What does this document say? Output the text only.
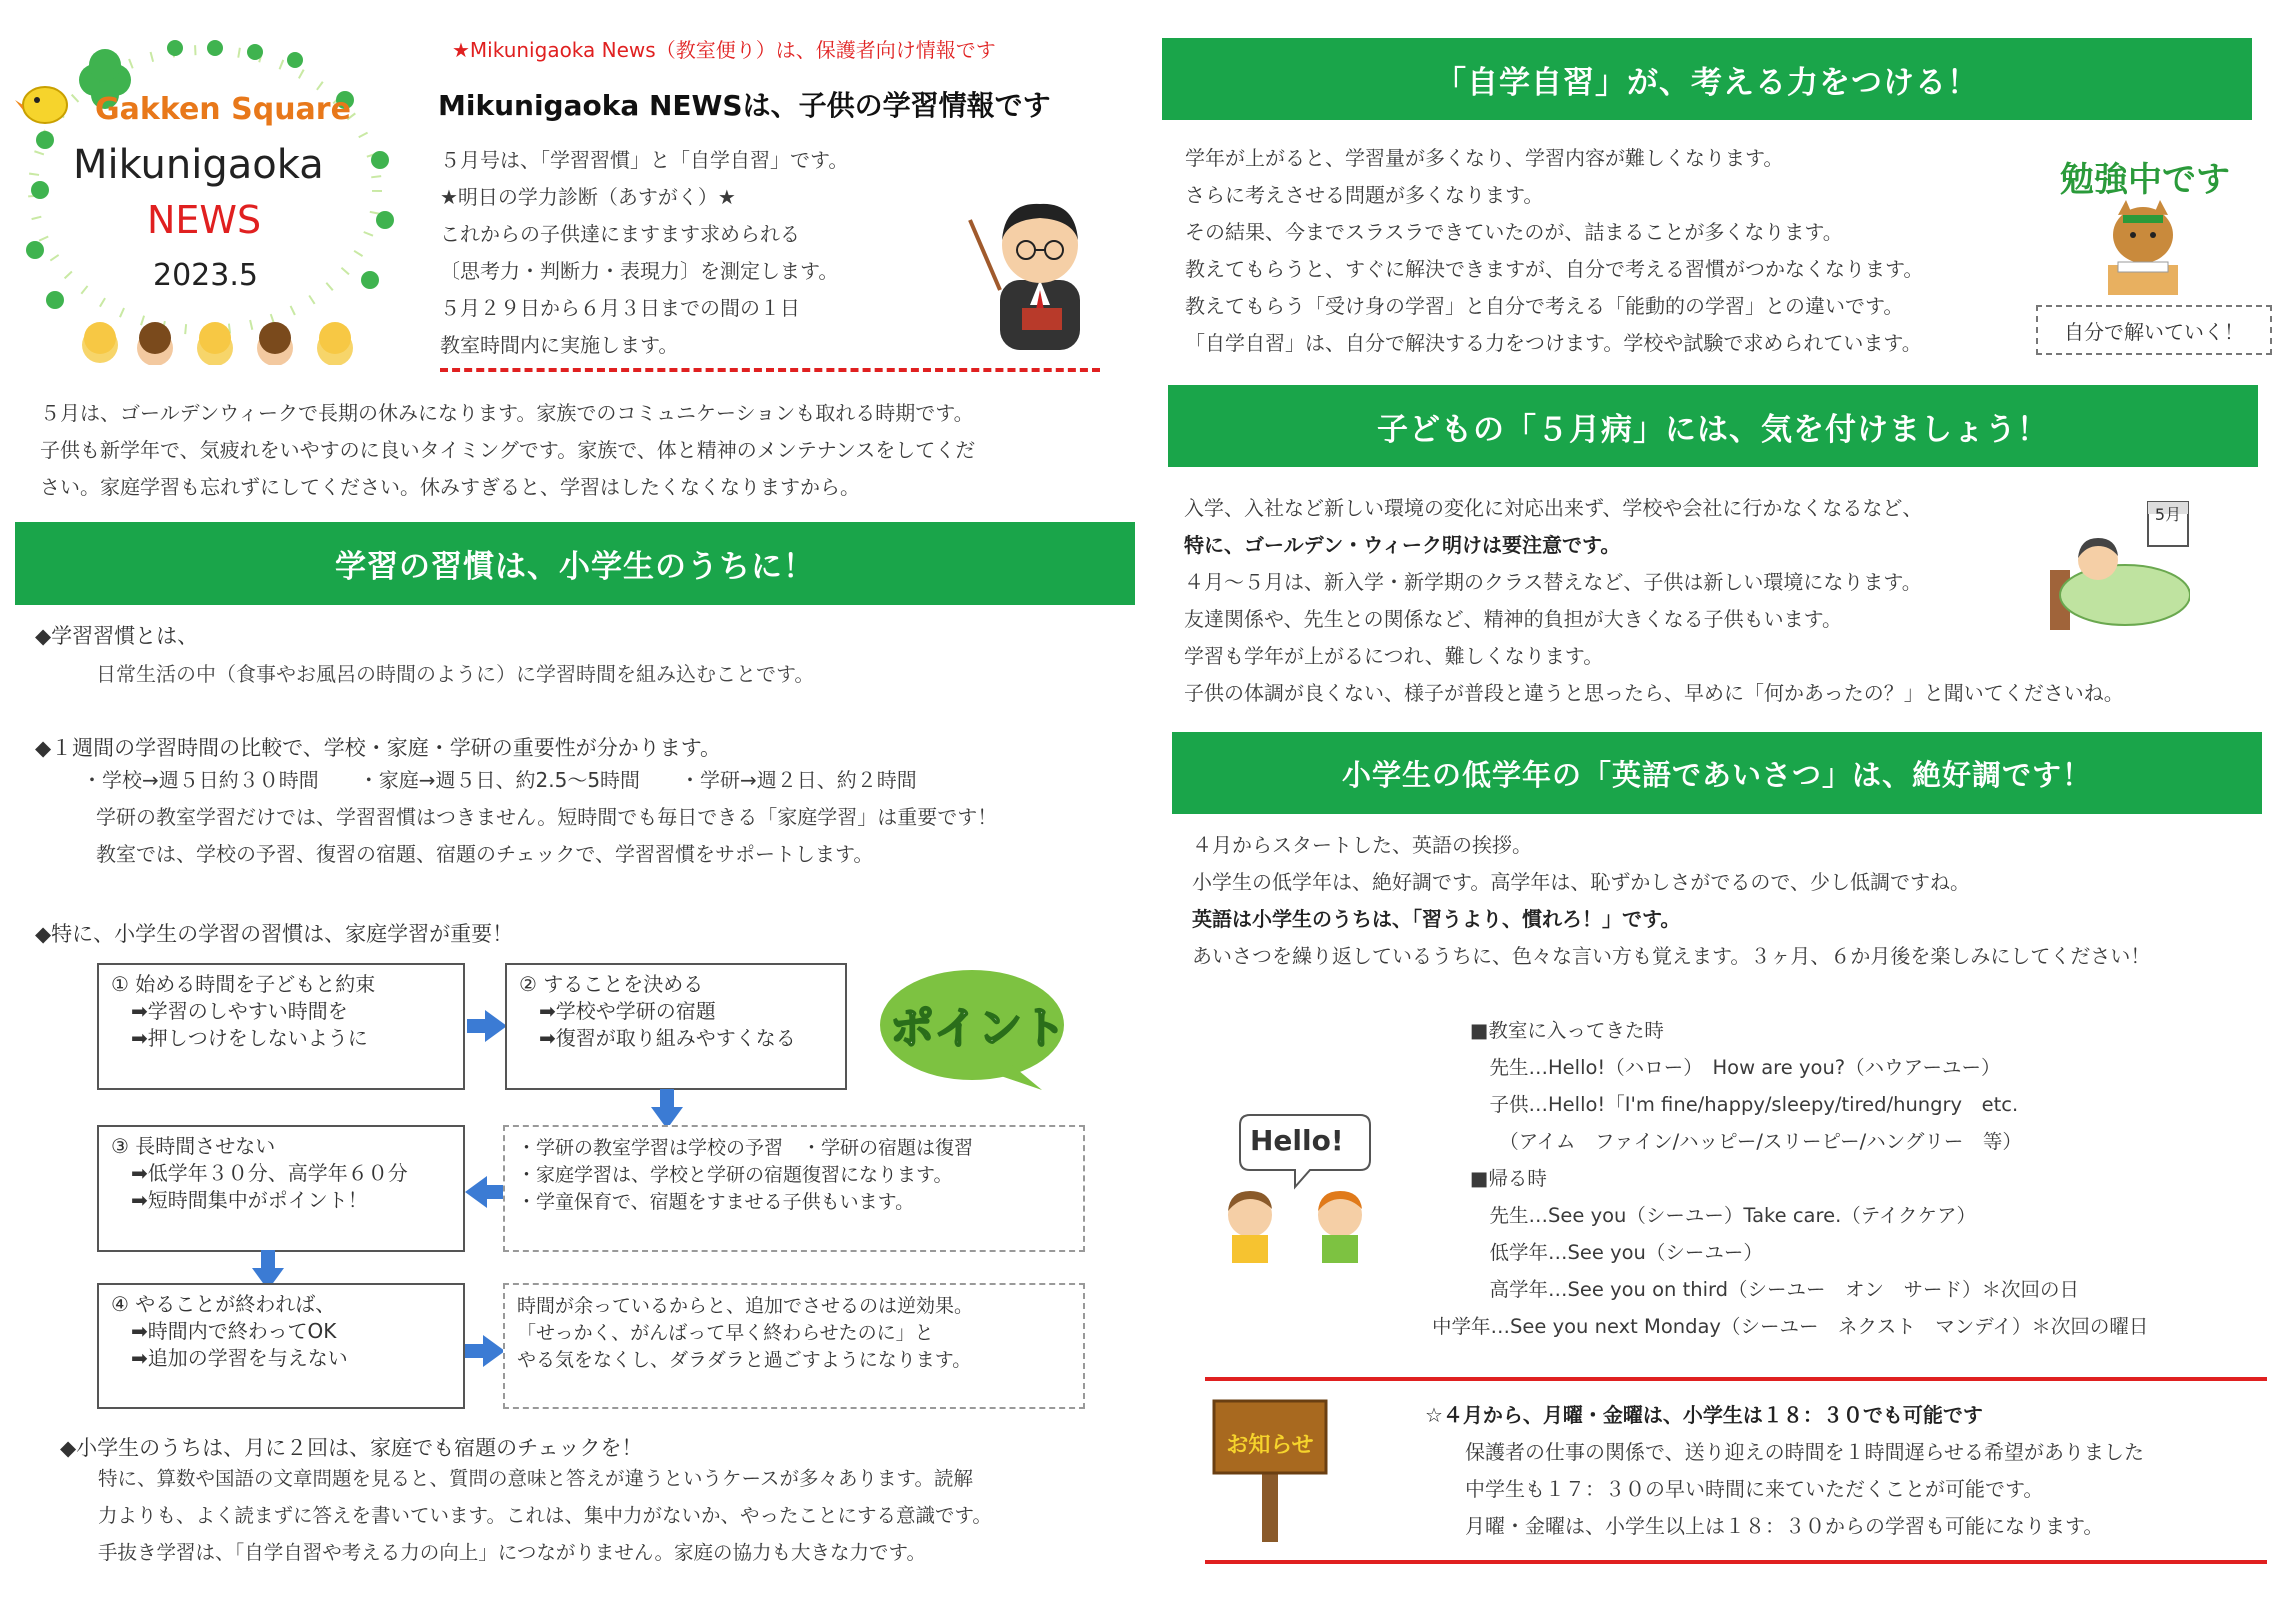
Gakken Square
Mikunigaoka
NEWS
2023.5
★Mikunigaoka News（教室便り）は、保護者向け情報です
Mikunigaoka NEWSは、子供の学習情報です
５月号は、「学習習慣」と「自学自習」です。
★明日の学力診断（あすがく）★
これからの子供達にますます求められる
〔思考力・判断力・表現力〕を測定します。
５月２９日から６月３日までの間の１日
教室時間内に実施します。
５月は、ゴールデンウィークで長期の休みになります。家族でのコミュニケーションも取れる時期です。
子供も新学年で、気疲れをいやすのに良いタイミングです。家族で、体と精神のメンテナンスをしてくだ
さい。家庭学習も忘れずにしてください。休みすぎると、学習はしたくなくなりますから。
学習の習慣は、小学生のうちに！
◆学習習慣とは、
日常生活の中（食事やお風呂の時間のように）に学習時間を組み込むことです。
◆１週間の学習時間の比較で、学校・家庭・学研の重要性が分かります。
・学校→週５日約３０時間　　・家庭→週５日、約2.5～5時間　　・学研→週２日、約２時間
学研の教室学習だけでは、学習習慣はつきません。短時間でも毎日できる「家庭学習」は重要です！
教室では、学校の予習、復習の宿題、宿題のチェックで、学習習慣をサポートします。
◆特に、小学生の学習の習慣は、家庭学習が重要！
① 始める時間を子どもと約束
　➡学習のしやすい時間を
　➡押しつけをしないように
② することを決める
　➡学校や学研の宿題
　➡復習が取り組みやすくなる	ポイント
③ 長時間させない
　➡低学年３０分、高学年６０分
　➡短時間集中がポイント！
・学研の教室学習は学校の予習　・学研の宿題は復習
・家庭学習は、学校と学研の宿題復習になります。
・学童保育で、宿題をすませる子供もいます。
④ やることが終われば、
　➡時間内で終わってOK
　➡追加の学習を与えない
時間が余っているからと、追加でさせるのは逆効果。
「せっかく、がんばって早く終わらせたのに」と
やる気をなくし、ダラダラと過ごすようになります。
◆小学生のうちは、月に２回は、家庭でも宿題のチェックを！
特に、算数や国語の文章問題を見ると、質問の意味と答えが違うというケースが多々あります。読解
力よりも、よく読まずに答えを書いています。これは、集中力がないか、やったことにする意識です。
手抜き学習は、「自学自習や考える力の向上」につながりません。家庭の協力も大きな力です。
「自学自習」が、考える力をつける！
学年が上がると、学習量が多くなり、学習内容が難しくなります。
さらに考えさせる問題が多くなります。
その結果、今までスラスラできていたのが、詰まることが多くなります。
教えてもらうと、すぐに解決できますが、自分で考える習慣がつかなくなります。
教えてもらう「受け身の学習」と自分で考える「能動的の学習」との違いです。
「自学自習」は、自分で解決する力をつけます。学校や試験で求められています。
勉強中です
自分で解いていく！
子どもの「５月病」には、気を付けましょう！
入学、入社など新しい環境の変化に対応出来ず、学校や会社に行かなくなるなど、
特に、ゴールデン・ウィーク明けは要注意です。
４月～５月は、新入学・新学期のクラス替えなど、子供は新しい環境になります。
友達関係や、先生との関係など、精神的負担が大きくなる子供もいます。
学習も学年が上がるにつれ、難しくなります。
子供の体調が良くない、様子が普段と違うと思ったら、早めに「何かあったの？」と聞いてくださいね。
5月
小学生の低学年の「英語であいさつ」は、絶好調です！
４月からスタートした、英語の挨拶。
小学生の低学年は、絶好調です。高学年は、恥ずかしさがでるので、少し低調ですね。
英語は小学生のうちは、「習うより、慣れろ！」です。
あいさつを繰り返しているうちに、色々な言い方も覚えます。３ヶ月、６か月後を楽しみにしてください！
Hello!
■教室に入ってきた時
　先生…Hello!（ハロー）　How are you?（ハウアーユー）
　子供…Hello!「I'm fine/happy/sleepy/tired/hungry　etc.
　　（アイム　ファイン/ハッピー/スリーピー/ハングリー　等）
■帰る時
　先生…See you（シーユー）Take care.（テイクケア）
　低学年…See you（シーユー）
　高学年…See you on third（シーユー　オン　サード）＊次回の日
中学年…See you next Monday（シーユー　ネクスト　マンデイ）＊次回の曜日
お知らせ
☆４月から、月曜・金曜は、小学生は１８：３０でも可能です
保護者の仕事の関係で、送り迎えの時間を１時間遅らせる希望がありました
中学生も１７：３０の早い時間に来ていただくことが可能です。
月曜・金曜は、小学生以上は１８：３０からの学習も可能になります。
